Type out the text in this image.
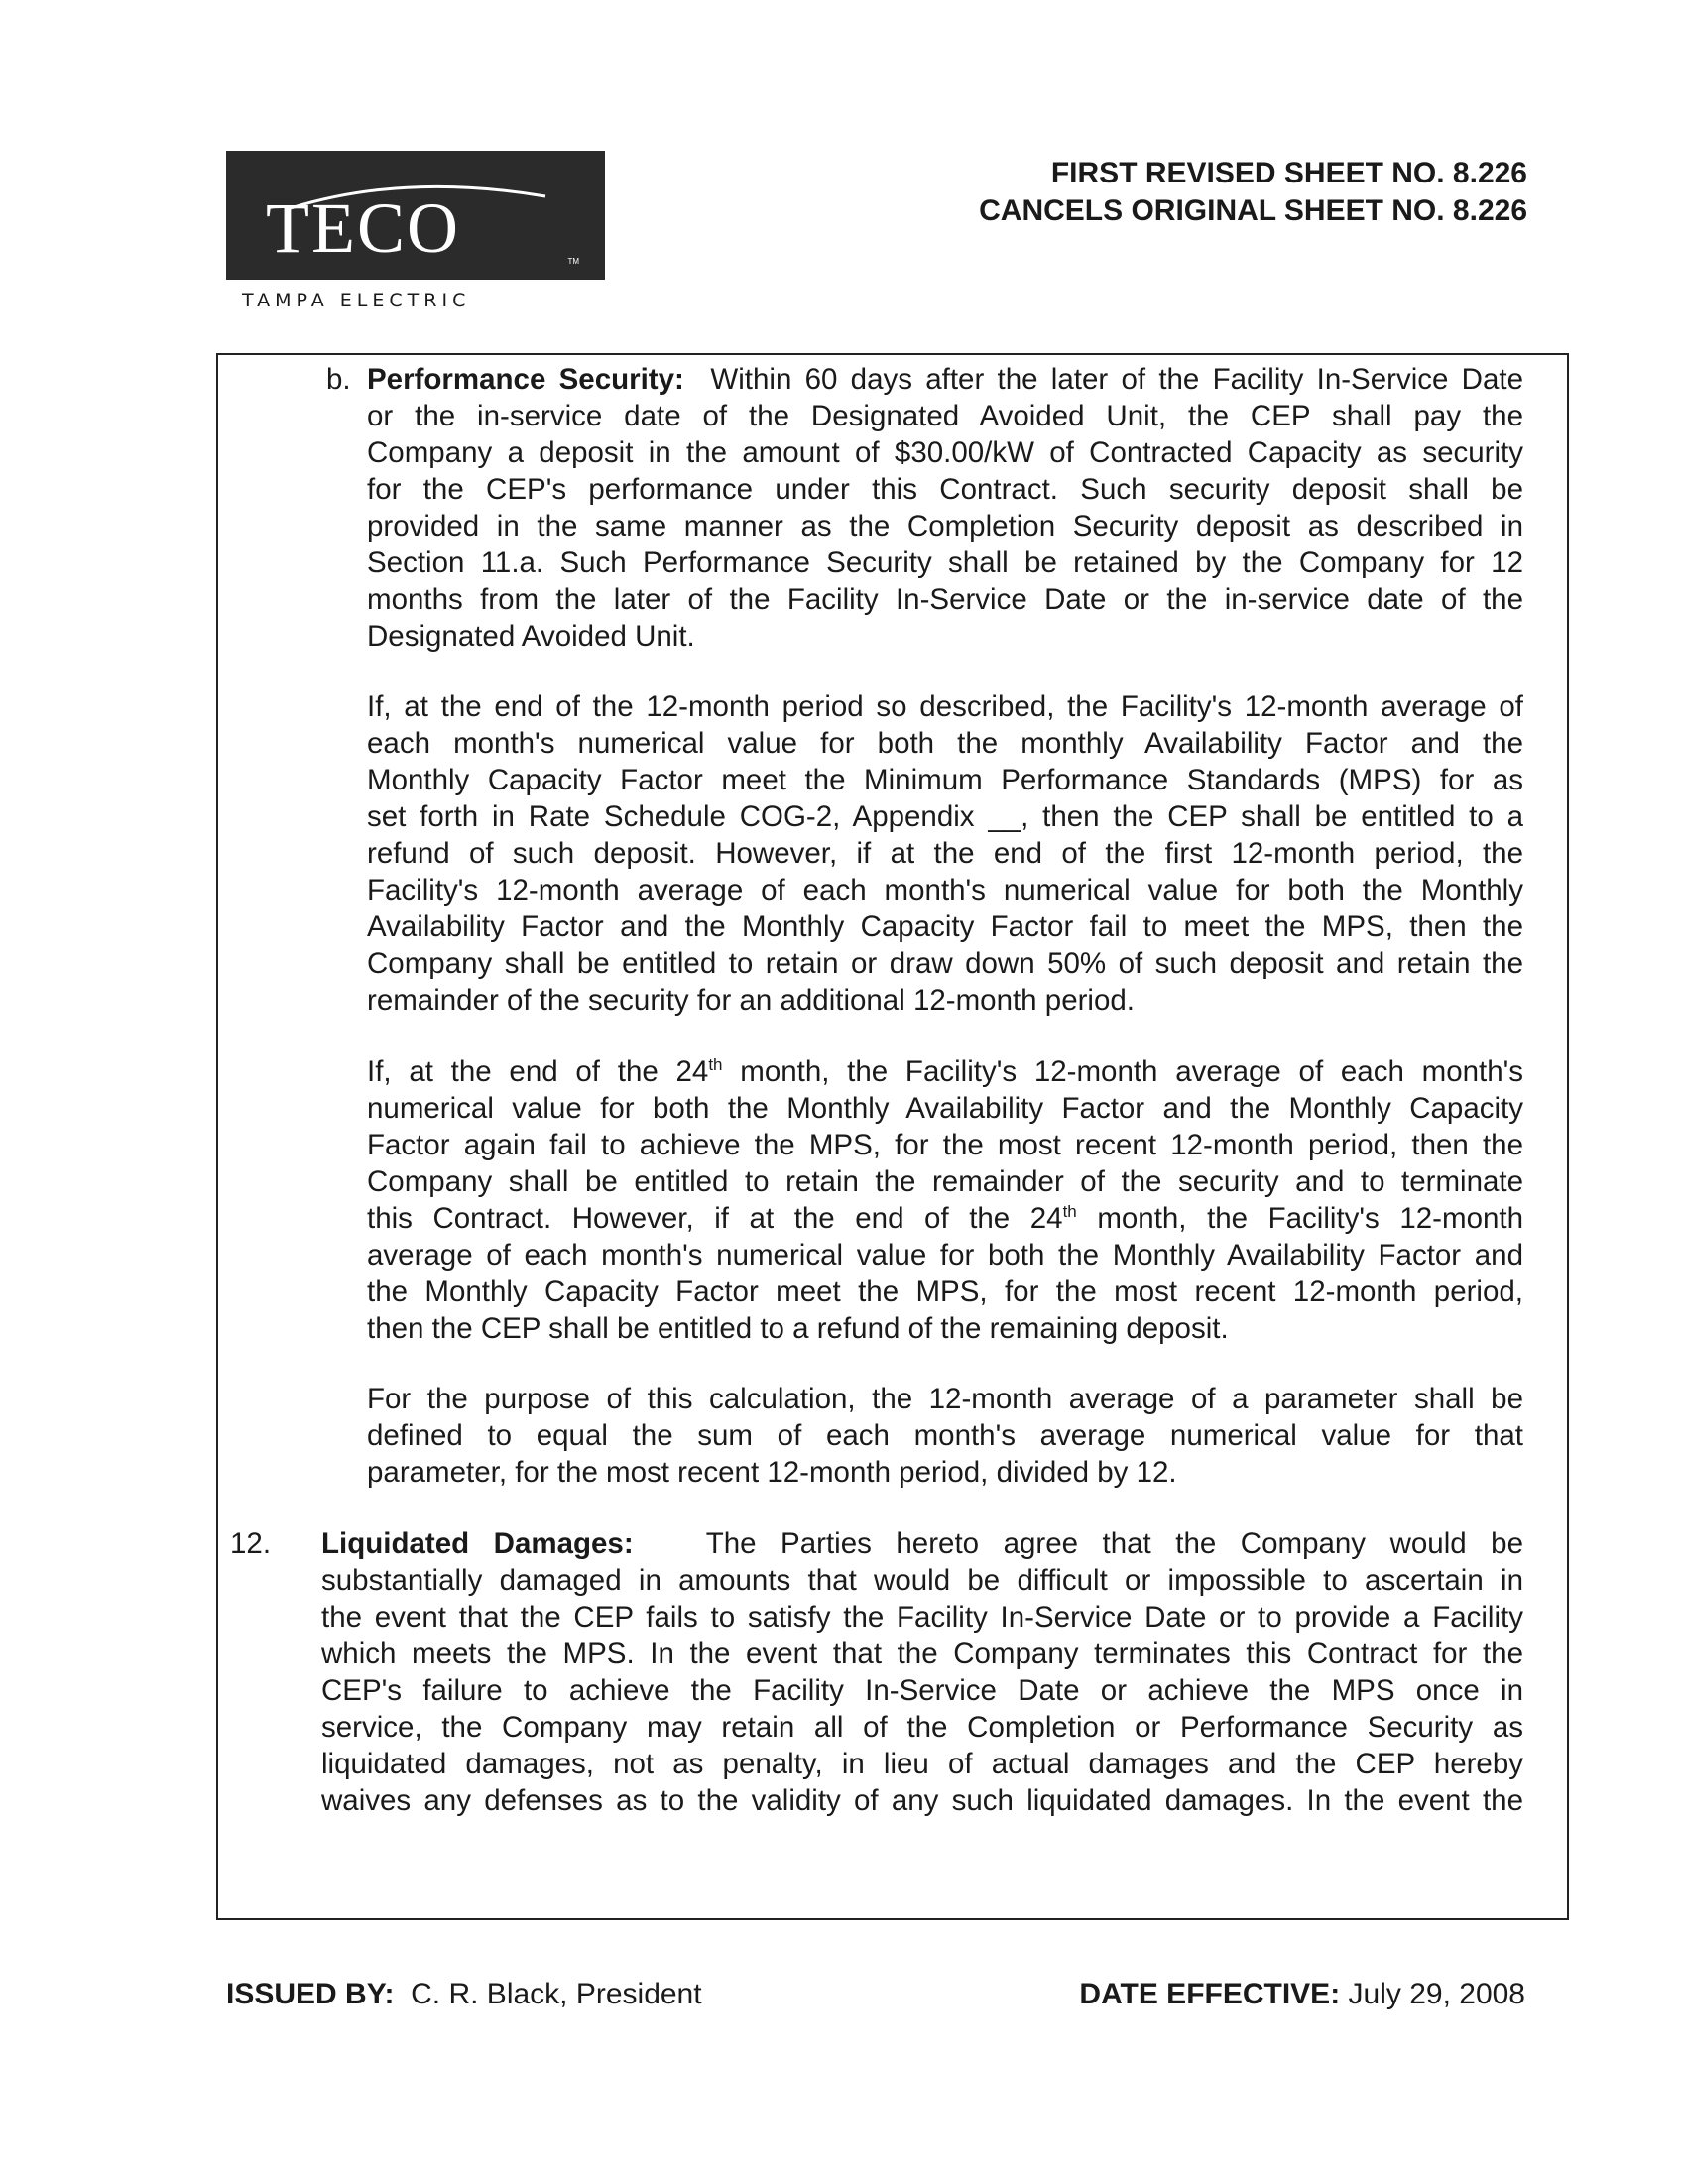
TECO	TM
TAMPA ELECTRIC
FIRST REVISED SHEET NO. 8.226
CANCELS ORIGINAL SHEET NO. 8.226
b. Performance Security: Within 60 days after the later of the Facility In-Service Date
or the in-service date of the Designated Avoided Unit, the CEP shall pay the
Company a deposit in the amount of $30.00/kW of Contracted Capacity as security
for the CEP's performance under this Contract. Such security deposit shall be
provided in the same manner as the Completion Security deposit as described in
Section 11.a. Such Performance Security shall be retained by the Company for 12
months from the later of the Facility In-Service Date or the in-service date of the
Designated Avoided Unit.
If, at the end of the 12-month period so described, the Facility's 12-month average of
each month's numerical value for both the monthly Availability Factor and the
Monthly Capacity Factor meet the Minimum Performance Standards (MPS) for as
set forth in Rate Schedule COG-2, Appendix __, then the CEP shall be entitled to a
refund of such deposit. However, if at the end of the first 12-month period, the
Facility's 12-month average of each month's numerical value for both the Monthly
Availability Factor and the Monthly Capacity Factor fail to meet the MPS, then the
Company shall be entitled to retain or draw down 50% of such deposit and retain the
remainder of the security for an additional 12-month period.
If, at the end of the 24th month, the Facility's 12-month average of each month's
numerical value for both the Monthly Availability Factor and the Monthly Capacity
Factor again fail to achieve the MPS, for the most recent 12-month period, then the
Company shall be entitled to retain the remainder of the security and to terminate
this Contract. However, if at the end of the 24th month, the Facility's 12-month
average of each month's numerical value for both the Monthly Availability Factor and
the Monthly Capacity Factor meet the MPS, for the most recent 12-month period,
then the CEP shall be entitled to a refund of the remaining deposit.
For the purpose of this calculation, the 12-month average of a parameter shall be
defined to equal the sum of each month's average numerical value for that
parameter, for the most recent 12-month period, divided by 12.
12. Liquidated Damages: The Parties hereto agree that the Company would be
substantially damaged in amounts that would be difficult or impossible to ascertain in
the event that the CEP fails to satisfy the Facility In-Service Date or to provide a Facility
which meets the MPS. In the event that the Company terminates this Contract for the
CEP's failure to achieve the Facility In-Service Date or achieve the MPS once in
service, the Company may retain all of the Completion or Performance Security as
liquidated damages, not as penalty, in lieu of actual damages and the CEP hereby
waives any defenses as to the validity of any such liquidated damages. In the event the
ISSUED BY: C. R. Black, President	DATE EFFECTIVE: July 29, 2008
